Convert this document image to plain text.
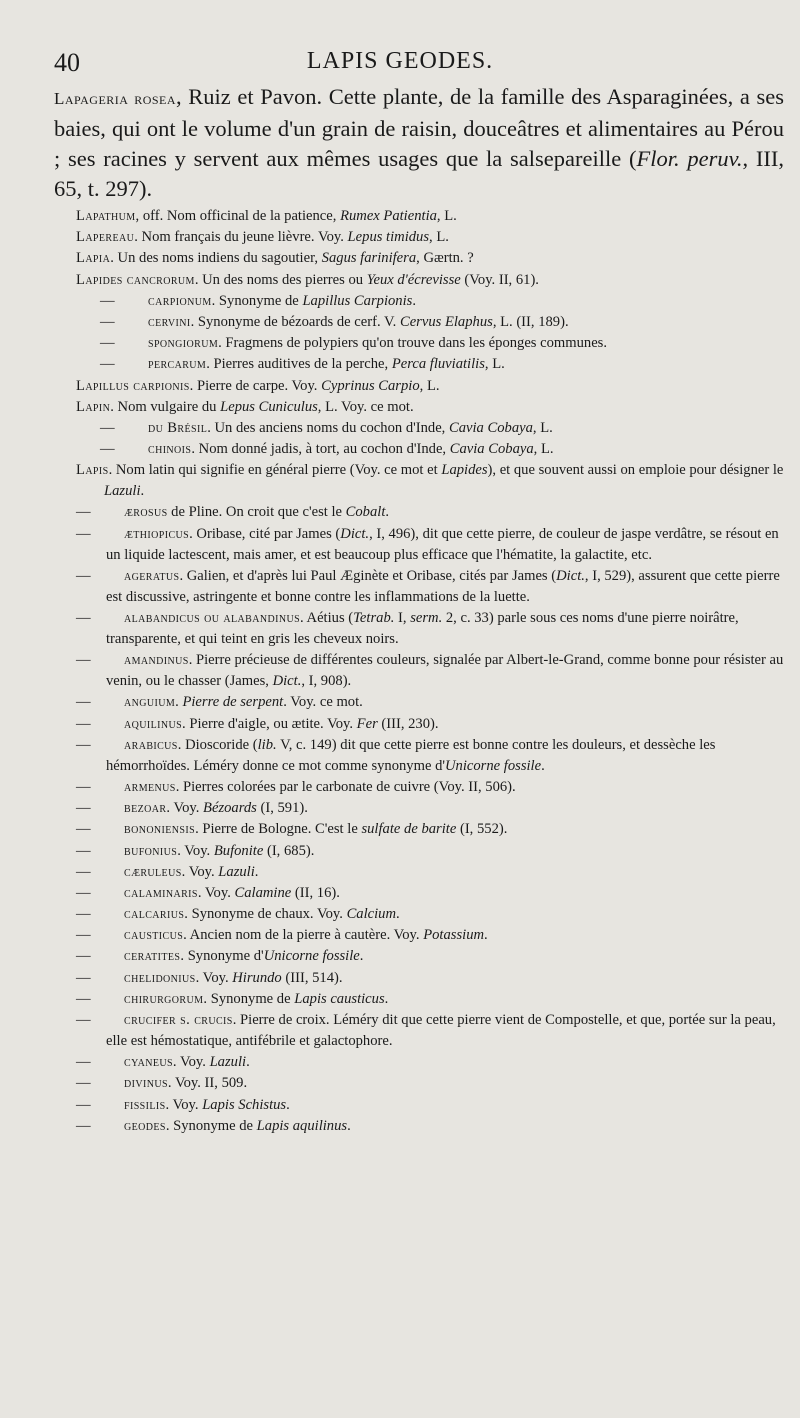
40	LAPIS GEODES.
Lapageria rosea, Ruiz et Pavon. Cette plante, de la famille des Asparaginées, a ses baies, qui ont le volume d'un grain de raisin, douceâtres et alimentaires au Pérou ; ses racines y servent aux mêmes usages que la salsepareille (Flor. peruv., III, 65, t. 297).
Lapathum, off. Nom officinal de la patience, Rumex Patientia, L.
Lapereau. Nom français du jeune lièvre. Voy. Lepus timidus, L.
Lapia. Un des noms indiens du sagoutier, Sagus farinifera, Gærtn. ?
Lapides cancrorum. Un des noms des pierres ou Yeux d'écrevisse (Voy. II, 61).
— carpionum. Synonyme de Lapillus Carpionis.
— cervini. Synonyme de bézoards de cerf. V. Cervus Elaphus, L. (II, 189).
— spongiorum. Fragmens de polypiers qu'on trouve dans les éponges communes.
— percarum. Pierres auditives de la perche, Perca fluviatilis, L.
Lapillus carpionis. Pierre de carpe. Voy. Cyprinus Carpio, L.
Lapin. Nom vulgaire du Lepus Cuniculus, L. Voy. ce mot.
— du Brésil. Un des anciens noms du cochon d'Inde, Cavia Cobaya, L.
— chinois. Nom donné jadis, à tort, au cochon d'Inde, Cavia Cobaya, L.
Lapis. Nom latin qui signifie en général pierre (Voy. ce mot et Lapides), et que souvent aussi on emploie pour désigner le Lazuli.
— ærosus de Pline. On croit que c'est le Cobalt.
— æthiopicus. Oribase, cité par James (Dict., I, 496), dit que cette pierre, de couleur de jaspe verdâtre, se résout en un liquide lactescent, mais amer, et est beaucoup plus efficace que l'hématite, la galactite, etc.
— ageratus. Galien, et d'après lui Paul Æginète et Oribase, cités par James (Dict., I, 529), assurent que cette pierre est discussive, astringente et bonne contre les inflammations de la luette.
— alabandicus ou alabandinus. Aétius (Tetrab. I, serm. 2, c. 33) parle sous ces noms d'une pierre noirâtre, transparente, et qui teint en gris les cheveux noirs.
— amandinus. Pierre précieuse de différentes couleurs, signalée par Albert-le-Grand, comme bonne pour résister au venin, ou le chasser (James, Dict., I, 908).
— anguium. Pierre de serpent. Voy. ce mot.
— aquilinus. Pierre d'aigle, ou ætite. Voy. Fer (III, 230).
— arabicus. Dioscoride (lib. V, c. 149) dit que cette pierre est bonne contre les douleurs, et dessèche les hémorrhoïdes. Léméry donne ce mot comme synonyme d'Unicorne fossile.
— armenus. Pierres colorées par le carbonate de cuivre (Voy. II, 506).
— bezoar. Voy. Bézoards (I, 591).
— bononiensis. Pierre de Bologne. C'est le sulfate de barite (I, 552).
— bufonius. Voy. Bufonite (I, 685).
— cæruleus. Voy. Lazuli.
— calaminaris. Voy. Calamine (II, 16).
— calcarius. Synonyme de chaux. Voy. Calcium.
— causticus. Ancien nom de la pierre à cautère. Voy. Potassium.
— ceratites. Synonyme d'Unicorne fossile.
— chelidonius. Voy. Hirundo (III, 514).
— chirurgorum. Synonyme de Lapis causticus.
— crucifer s. crucis. Pierre de croix. Léméry dit que cette pierre vient de Compostelle, et que, portée sur la peau, elle est hémostatique, antifébrile et galactophore.
— cyaneus. Voy. Lazuli.
— divinus. Voy. II, 509.
— fissilis. Voy. Lapis Schistus.
— geodes. Synonyme de Lapis aquilinus.
